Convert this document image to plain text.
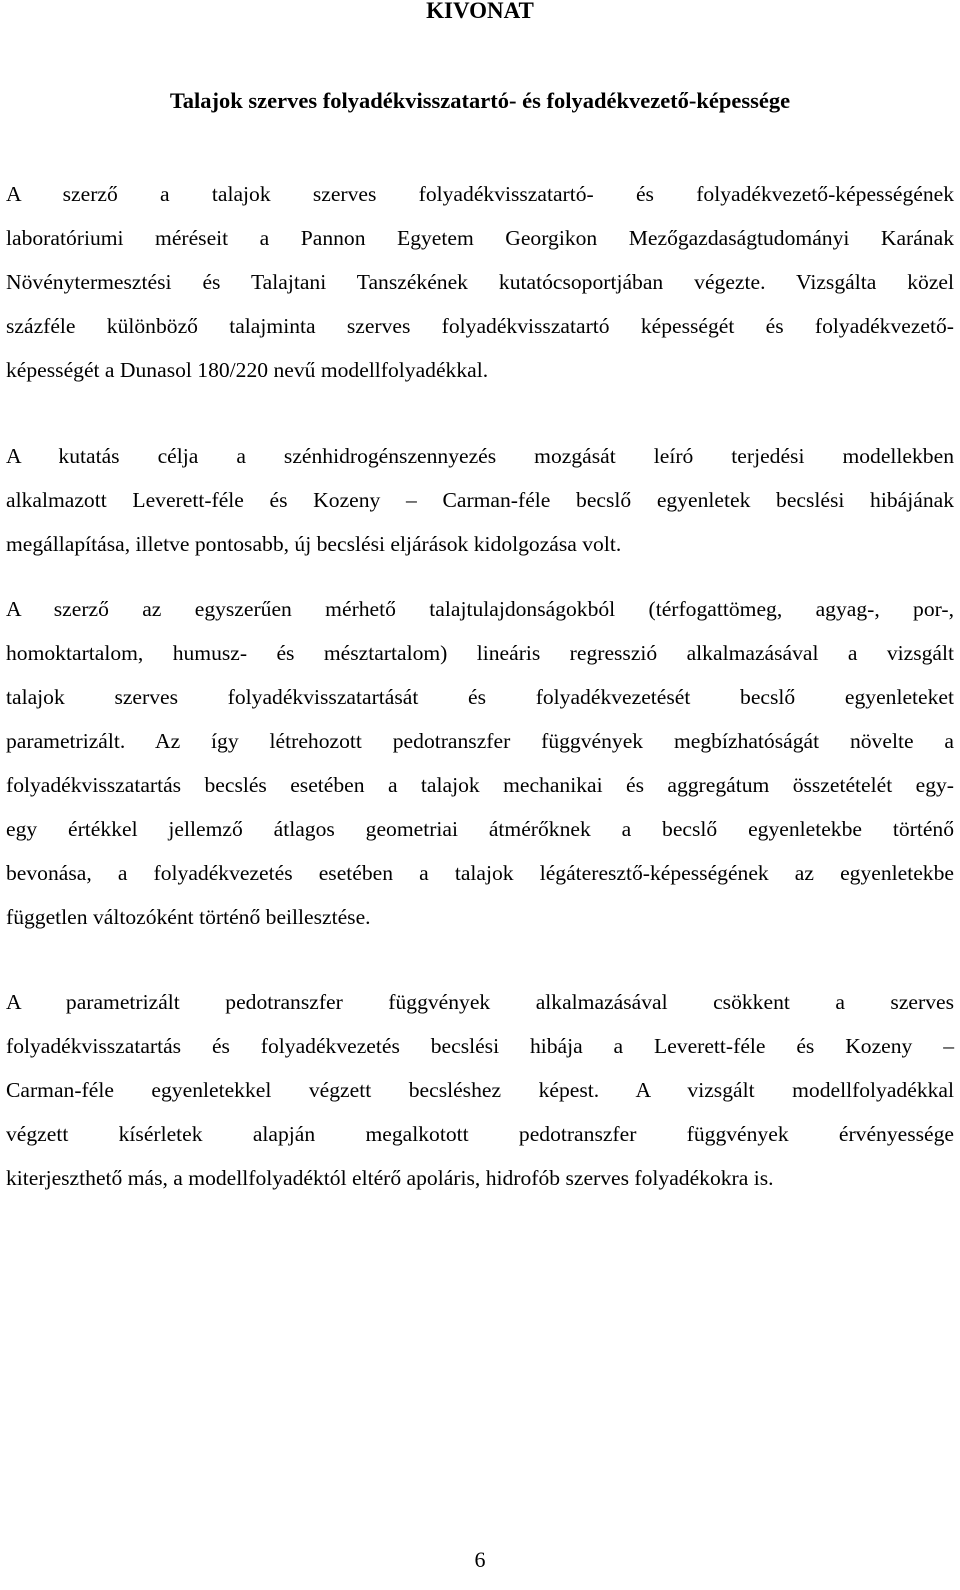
KIVONAT
Talajok szerves folyadékvisszatartó- és folyadékvezető-képessége

A szerző a talajok szerves folyadékvisszatartó- és folyadékvezető-képességének
laboratóriumi méréseit a Pannon Egyetem Georgikon Mezőgazdaságtudományi Karának
Növénytermesztési és Talajtani Tanszékének kutatócsoportjában végezte. Vizsgálta közel
százféle különböző talajminta szerves folyadékvisszatartó képességét és folyadékvezető-
képességét a Dunasol 180/220 nevű modellfolyadékkal.

A kutatás célja a szénhidrogénszennyezés mozgását leíró terjedési modellekben
alkalmazott Leverett-féle és Kozeny – Carman-féle becslő egyenletek becslési hibájának
megállapítása, illetve pontosabb, új becslési eljárások kidolgozása volt.

A szerző az egyszerűen mérhető talajtulajdonságokból (térfogattömeg, agyag-, por-,
homoktartalom, humusz- és mésztartalom) lineáris regresszió alkalmazásával a vizsgált
talajok szerves folyadékvisszatartását és folyadékvezetését becslő egyenleteket
parametrizált. Az így létrehozott pedotranszfer függvények megbízhatóságát növelte a
folyadékvisszatartás becslés esetében a talajok mechanikai és aggregátum összetételét egy-
egy értékkel jellemző átlagos geometriai átmérőknek a becslő egyenletekbe történő
bevonása, a folyadékvezetés esetében a talajok légáteresztő-képességének az egyenletekbe
független változóként történő beillesztése.

A parametrizált pedotranszfer függvények alkalmazásával csökkent a szerves
folyadékvisszatartás és folyadékvezetés becslési hibája a Leverett-féle és Kozeny –
Carman-féle egyenletekkel végzett becsléshez képest. A vizsgált modellfolyadékkal
végzett kísérletek alapján megalkotott pedotranszfer függvények érvényessége
kiterjeszthető más, a modellfolyadéktól eltérő apoláris, hidrofób szerves folyadékokra is.

6
